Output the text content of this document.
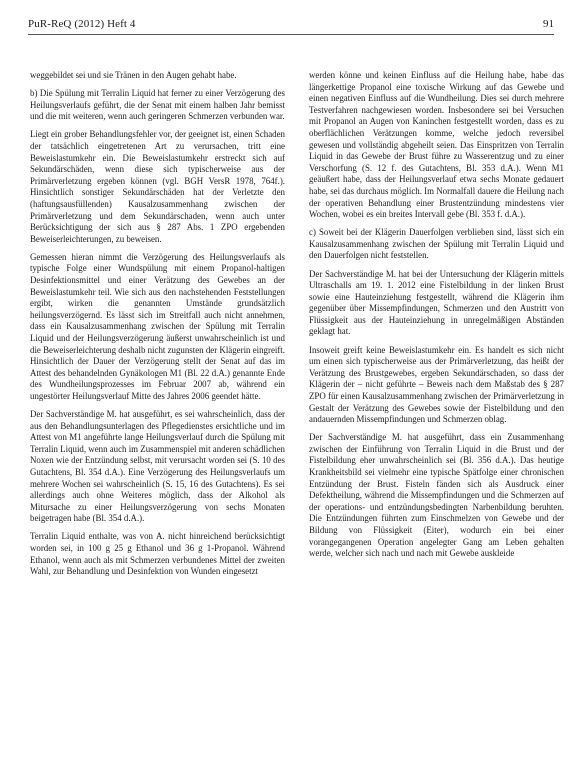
PuR-ReQ (2012) Heft 4	91

weggebildet sei und sie Tränen in den Augen gehabt habe.

b) Die Spülung mit Terralin Liquid hat ferner zu einer Verzögerung des Heilungsverlaufs geführt, die der Senat mit einem halben Jahr bemisst und die mit weiteren, wenn auch geringeren Schmerzen verbunden war.

Liegt ein grober Behandlungsfehler vor, der geeignet ist, einen Schaden der tatsächlich eingetretenen Art zu verursachen, tritt eine Beweislastumkehr ein. Die Beweislastumkehr erstreckt sich auf Sekundärschäden, wenn diese sich typischerweise aus der Primärverletzung ergeben können (vgl. BGH VersR 1978, 764f.). Hinsichtlich sonstiger Sekundärschäden hat der Verletzte den (haftungsausfüllenden) Kausalzusammenhang zwischen der Primärverletzung und dem Sekundärschaden, wenn auch unter Berücksichtigung der sich aus § 287 Abs. 1 ZPO ergebenden Beweiserleichterungen, zu beweisen.

Gemessen hieran nimmt die Verzögerung des Heilungsverlaufs als typische Folge einer Wundspülung mit einem Propanol-haltigen Desinfektionsmittel und einer Verätzung des Gewebes an der Beweislastumkehr teil. Wie sich aus den nachstehenden Feststellungen ergibt, wirken die genannten Umstände grundsätzlich heilungsverzögernd. Es lässt sich im Streitfall auch nicht annehmen, dass ein Kausalzusammenhang zwischen der Spülung mit Terralin Liquid und der Heilungsverzögerung äußerst unwahrscheinlich ist und die Beweiserleichterung deshalb nicht zugunsten der Klägerin eingreift. Hinsichtlich der Dauer der Verzögerung stellt der Senat auf das im Attest des behandelnden Gynäkologen M1 (Bl. 22 d.A.) genannte Ende des Wundheilungsprozesses im Februar 2007 ab, während ein ungestörter Heilungsverlauf Mitte des Jahres 2006 geendet hätte.

Der Sachverständige M. hat ausgeführt, es sei wahrscheinlich, dass der aus den Behandlungsunterlagen des Pflegedienstes ersichtliche und im Attest von M1 angeführte lange Heilungsverlauf durch die Spülung mit Terralin Liquid, wenn auch im Zusammenspiel mit anderen schädlichen Noxen wie der Entzündung selbst, mit verursacht worden sei (S. 10 des Gutachtens, Bl. 354 d.A.). Eine Verzögerung des Heilungsverlaufs um mehrere Wochen sei wahrscheinlich (S. 15, 16 des Gutachtens). Es sei allerdings auch ohne Weiteres möglich, dass der Alkohol als Mitursache zu einer Heilungsverzögerung von sechs Monaten beigetragen habe (Bl. 354 d.A.).

Terralin Liquid enthalte, was von A. nicht hinreichend berücksichtigt worden sei, in 100 g 25 g Ethanol und 36 g 1-Propanol. Während Ethanol, wenn auch als mit Schmerzen verbundenes Mittel der zweiten Wahl, zur Behandlung und Desinfektion von Wunden eingesetzt

werden könne und keinen Einfluss auf die Heilung habe, habe das längerkettige Propanol eine toxische Wirkung auf das Gewebe und einen negativen Einfluss auf die Wundheilung. Dies sei durch mehrere Testverfahren nachgewiesen worden. Insbesondere sei bei Versuchen mit Propanol an Augen von Kaninchen festgestellt worden, dass es zu oberflächlichen Verätzungen komme, welche jedoch reversibel gewesen und vollständig abgeheilt seien. Das Einspritzen von Terralin Liquid in das Gewebe der Brust führe zu Wasserentzug und zu einer Verschorfung (S. 12 f. des Gutachtens, Bl. 353 d.A.). Wenn M1 geäußert habe, dass der Heilungsverlauf etwa sechs Monate gedauert habe, sei das durchaus möglich. Im Normalfall dauere die Heilung nach der operativen Behandlung einer Brustentzündung mindestens vier Wochen, wobei es ein breites Intervall gebe (Bl. 353 f. d.A.).

c) Soweit bei der Klägerin Dauerfolgen verblieben sind, lässt sich ein Kausalzusammenhang zwischen der Spülung mit Terralin Liquid und den Dauerfolgen nicht feststellen.

Der Sachverständige M. hat bei der Untersuchung der Klägerin mittels Ultraschalls am 19. 1. 2012 eine Fistelbildung in der linken Brust sowie eine Hauteinziehung festgestellt, während die Klägerin ihm gegenüber über Missempfindungen, Schmerzen und den Austritt von Flüssigkeit aus der Hauteinziehung in unregelmäßigen Abständen geklagt hat.

Insoweit greift keine Beweislastumkehr ein. Es handelt es sich nicht um einen sich typischerweise aus der Primärverletzung, das heißt der Verätzung des Brustgewebes, ergeben Sekundärschaden, so dass der Klägerin der – nicht geführte – Beweis nach dem Maßstab des § 287 ZPO für einen Kausalzusammenhang zwischen der Primärverletzung in Gestalt der Verätzung des Gewebes sowie der Fistelbildung und den andauernden Missempfindungen und Schmerzen oblag.

Der Sachverständige M. hat ausgeführt, dass ein Zusammenhang zwischen der Einführung von Terralin Liquid in die Brust und der Fistelbildung eher unwahrscheinlich sei (Bl. 356 d.A.). Das heutige Krankheitsbild sei vielmehr eine typische Spätfolge einer chronischen Entzündung der Brust. Fisteln fänden sich als Ausdruck einer Defektheilung, während die Missempfindungen und die Schmerzen auf der operations- und entzündungsbedingten Narbenbildung beruhten. Die Entzündungen führten zum Einschmelzen von Gewebe und der Bildung von Flüssigkeit (Eiter), wodurch ein bei einer vorangegangenen Operation angelegter Gang am Leben gehalten werde, welcher sich nach und nach mit Gewebe auskleide
